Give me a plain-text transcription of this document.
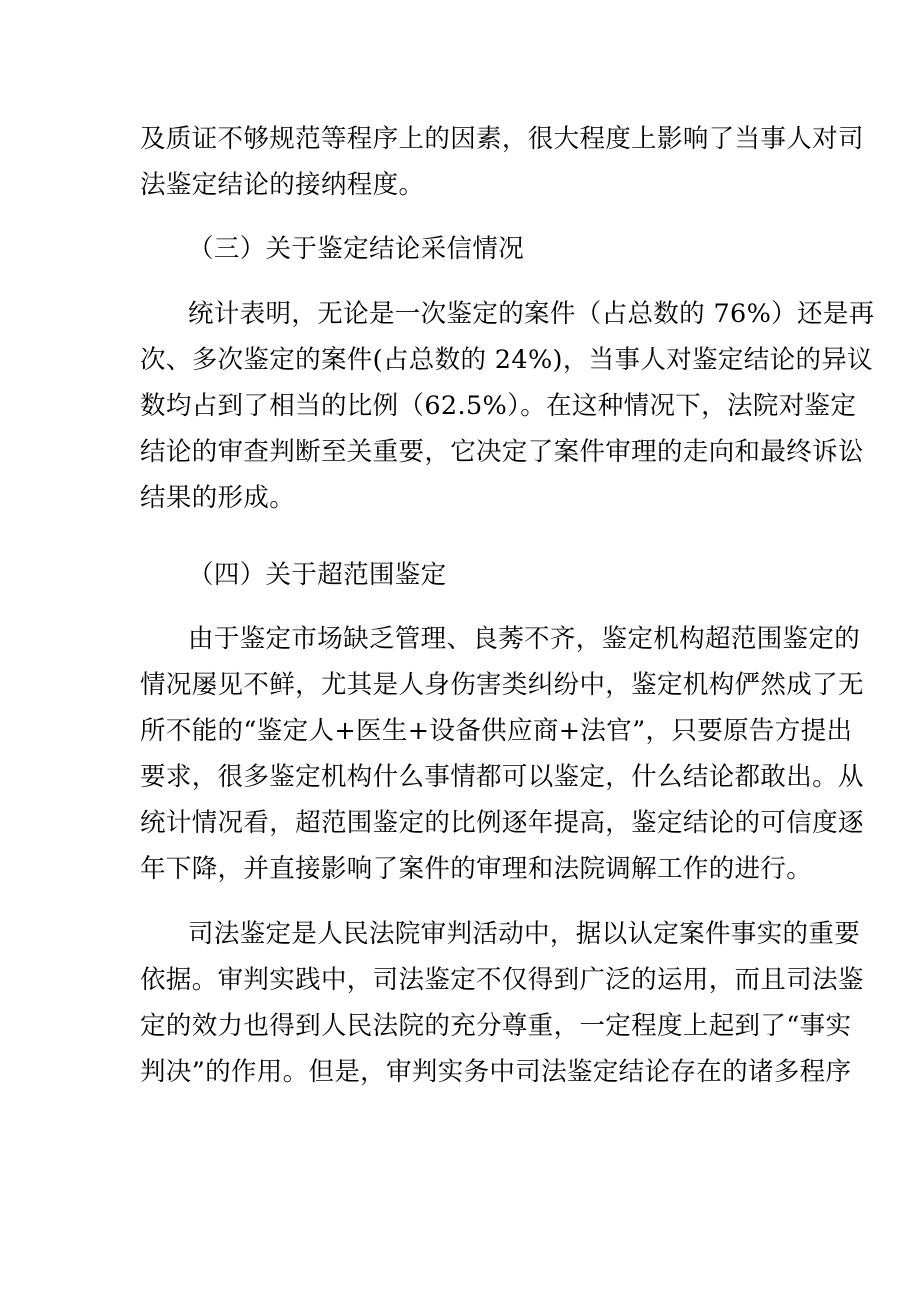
及质证不够规范等程序上的因素，很大程度上影响了当事人对司
法鉴定结论的接纳程度。
（三）关于鉴定结论采信情况
统计表明，无论是一次鉴定的案件（占总数的 76%）还是再
次、多次鉴定的案件(占总数的 24%)，当事人对鉴定结论的异议
数均占到了相当的比例（62.5%）。在这种情况下，法院对鉴定
结论的审查判断至关重要，它决定了案件审理的走向和最终诉讼
结果的形成。
（四）关于超范围鉴定
由于鉴定市场缺乏管理、良莠不齐，鉴定机构超范围鉴定的
情况屡见不鲜，尤其是人身伤害类纠纷中，鉴定机构俨然成了无
所不能的“鉴定人+医生+设备供应商+法官”，只要原告方提出
要求，很多鉴定机构什么事情都可以鉴定，什么结论都敢出。从
统计情况看，超范围鉴定的比例逐年提高，鉴定结论的可信度逐
年下降，并直接影响了案件的审理和法院调解工作的进行。
司法鉴定是人民法院审判活动中，据以认定案件事实的重要
依据。审判实践中，司法鉴定不仅得到广泛的运用，而且司法鉴
定的效力也得到人民法院的充分尊重，一定程度上起到了“事实
判决”的作用。但是，审判实务中司法鉴定结论存在的诸多程序
